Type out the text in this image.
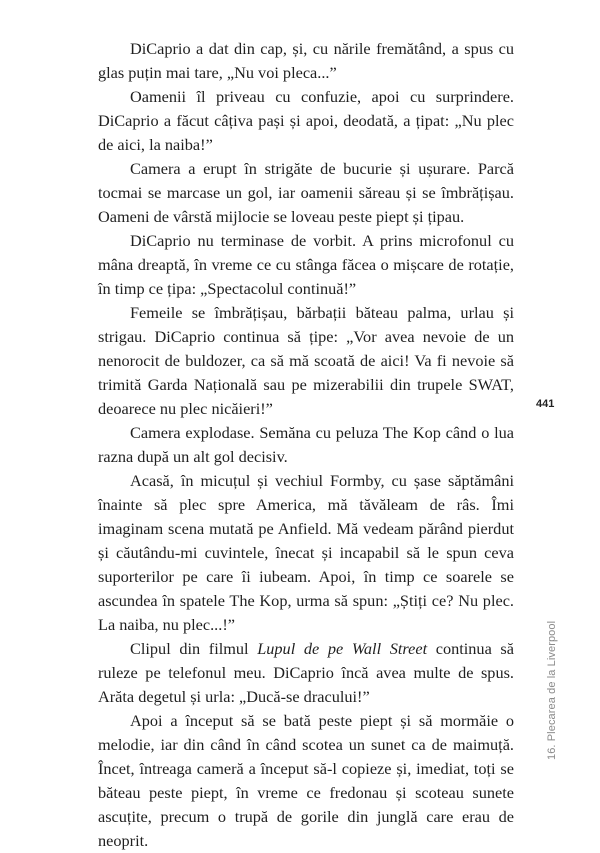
DiCaprio a dat din cap, și, cu nările fremătând, a spus cu glas puțin mai tare, „Nu voi pleca...”

Oamenii îl priveau cu confuzie, apoi cu surprindere. DiCaprio a făcut câțiva pași și apoi, deodată, a țipat: „Nu plec de aici, la naiba!”

Camera a erupt în strigăte de bucurie și ușurare. Parcă tocmai se marcase un gol, iar oamenii săreau și se îmbrățișau. Oameni de vârstă mijlocie se loveau peste piept și țipau.

DiCaprio nu terminase de vorbit. A prins microfonul cu mâna dreaptă, în vreme ce cu stânga făcea o mișcare de rotație, în timp ce țipa: „Spectacolul continuă!”

Femeile se îmbrățișau, bărbații băteau palma, urlau și strigau. DiCaprio continua să țipe: „Vor avea nevoie de un nenorocit de buldozer, ca să mă scoată de aici! Va fi nevoie să trimită Garda Națională sau pe mizerabilii din trupele SWAT, deoarece nu plec nicăieri!”

Camera explodase. Semăna cu peluza The Kop când o lua razna după un alt gol decisiv.

Acasă, în micuțul și vechiul Formby, cu șase săptămâni înainte să plec spre America, mă tăvăleam de râs. Îmi imaginam scena mutată pe Anfield. Mă vedeam părând pierdut și căutându-mi cuvintele, înecat și incapabil să le spun ceva suporterilor pe care îi iubeam. Apoi, în timp ce soarele se ascundea în spatele The Kop, urma să spun: „Știți ce? Nu plec. La naiba, nu plec...!”

Clipul din filmul Lupul de pe Wall Street continua să ruleze pe telefonul meu. DiCaprio încă avea multe de spus. Arăta degetul și urla: „Ducă-se dracului!”

Apoi a început să se bată peste piept și să mormăie o melodie, iar din când în când scotea un sunet ca de maimuță. Încet, întreaga cameră a început să-l copieze și, imediat, toți se băteau peste piept, în vreme ce fredonau și scoteau sunete ascuțite, precum o trupă de gorile din junglă care erau de neoprit.

441
16. Plecarea de la Liverpool
